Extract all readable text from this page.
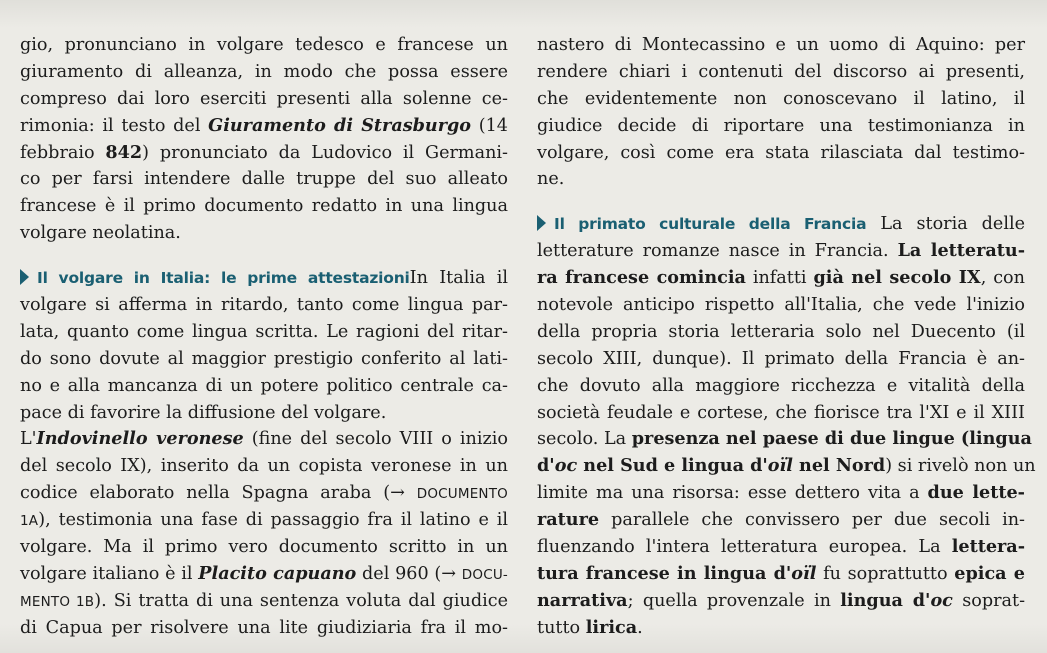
gio, pronunciano in volgare tedesco e francese un
giuramento di alleanza, in modo che possa essere
compreso dai loro eserciti presenti alla solenne ce-
rimonia: il testo del Giuramento di Strasburgo (14
febbraio 842) pronunciato da Ludovico il Germani-
co per farsi intendere dalle truppe del suo alleato
francese è il primo documento redatto in una lingua
volgare neolatina.
Il volgare in Italia: le prime attestazioniIn Italia il
volgare si afferma in ritardo, tanto come lingua par-
lata, quanto come lingua scritta. Le ragioni del ritar-
do sono dovute al maggior prestigio conferito al lati-
no e alla mancanza di un potere politico centrale ca-
pace di favorire la diffusione del volgare.
L'Indovinello veronese (fine del secolo VIII o inizio
del secolo IX), inserito da un copista veronese in un
codice elaborato nella Spagna araba (→ DOCUMENTO
1A), testimonia una fase di passaggio fra il latino e il
volgare. Ma il primo vero documento scritto in un
volgare italiano è il Placito capuano del 960 (→ DOCU-
MENTO 1B). Si tratta di una sentenza voluta dal giudice
di Capua per risolvere una lite giudiziaria fra il mo-
nastero di Montecassino e un uomo di Aquino: per
rendere chiari i contenuti del discorso ai presenti,
che evidentemente non conoscevano il latino, il
giudice decide di riportare una testimonianza in
volgare, così come era stata rilasciata dal testimo-
ne.
Il primato culturale della Francia La storia delle
letterature romanze nasce in Francia. La letteratu-
ra francese comincia infatti già nel secolo IX, con
notevole anticipo rispetto all'Italia, che vede l'inizio
della propria storia letteraria solo nel Duecento (il
secolo XIII, dunque). Il primato della Francia è an-
che dovuto alla maggiore ricchezza e vitalità della
società feudale e cortese, che fiorisce tra l'XI e il XIII
secolo. La presenza nel paese di due lingue (lingua
d'oc nel Sud e lingua d'oïl nel Nord) si rivelò non un
limite ma una risorsa: esse dettero vita a due lette-
rature parallele che convissero per due secoli in-
fluenzando l'intera letteratura europea. La lettera-
tura francese in lingua d'oïl fu soprattutto epica e
narrativa; quella provenzale in lingua d'oc soprat-
tutto lirica.
